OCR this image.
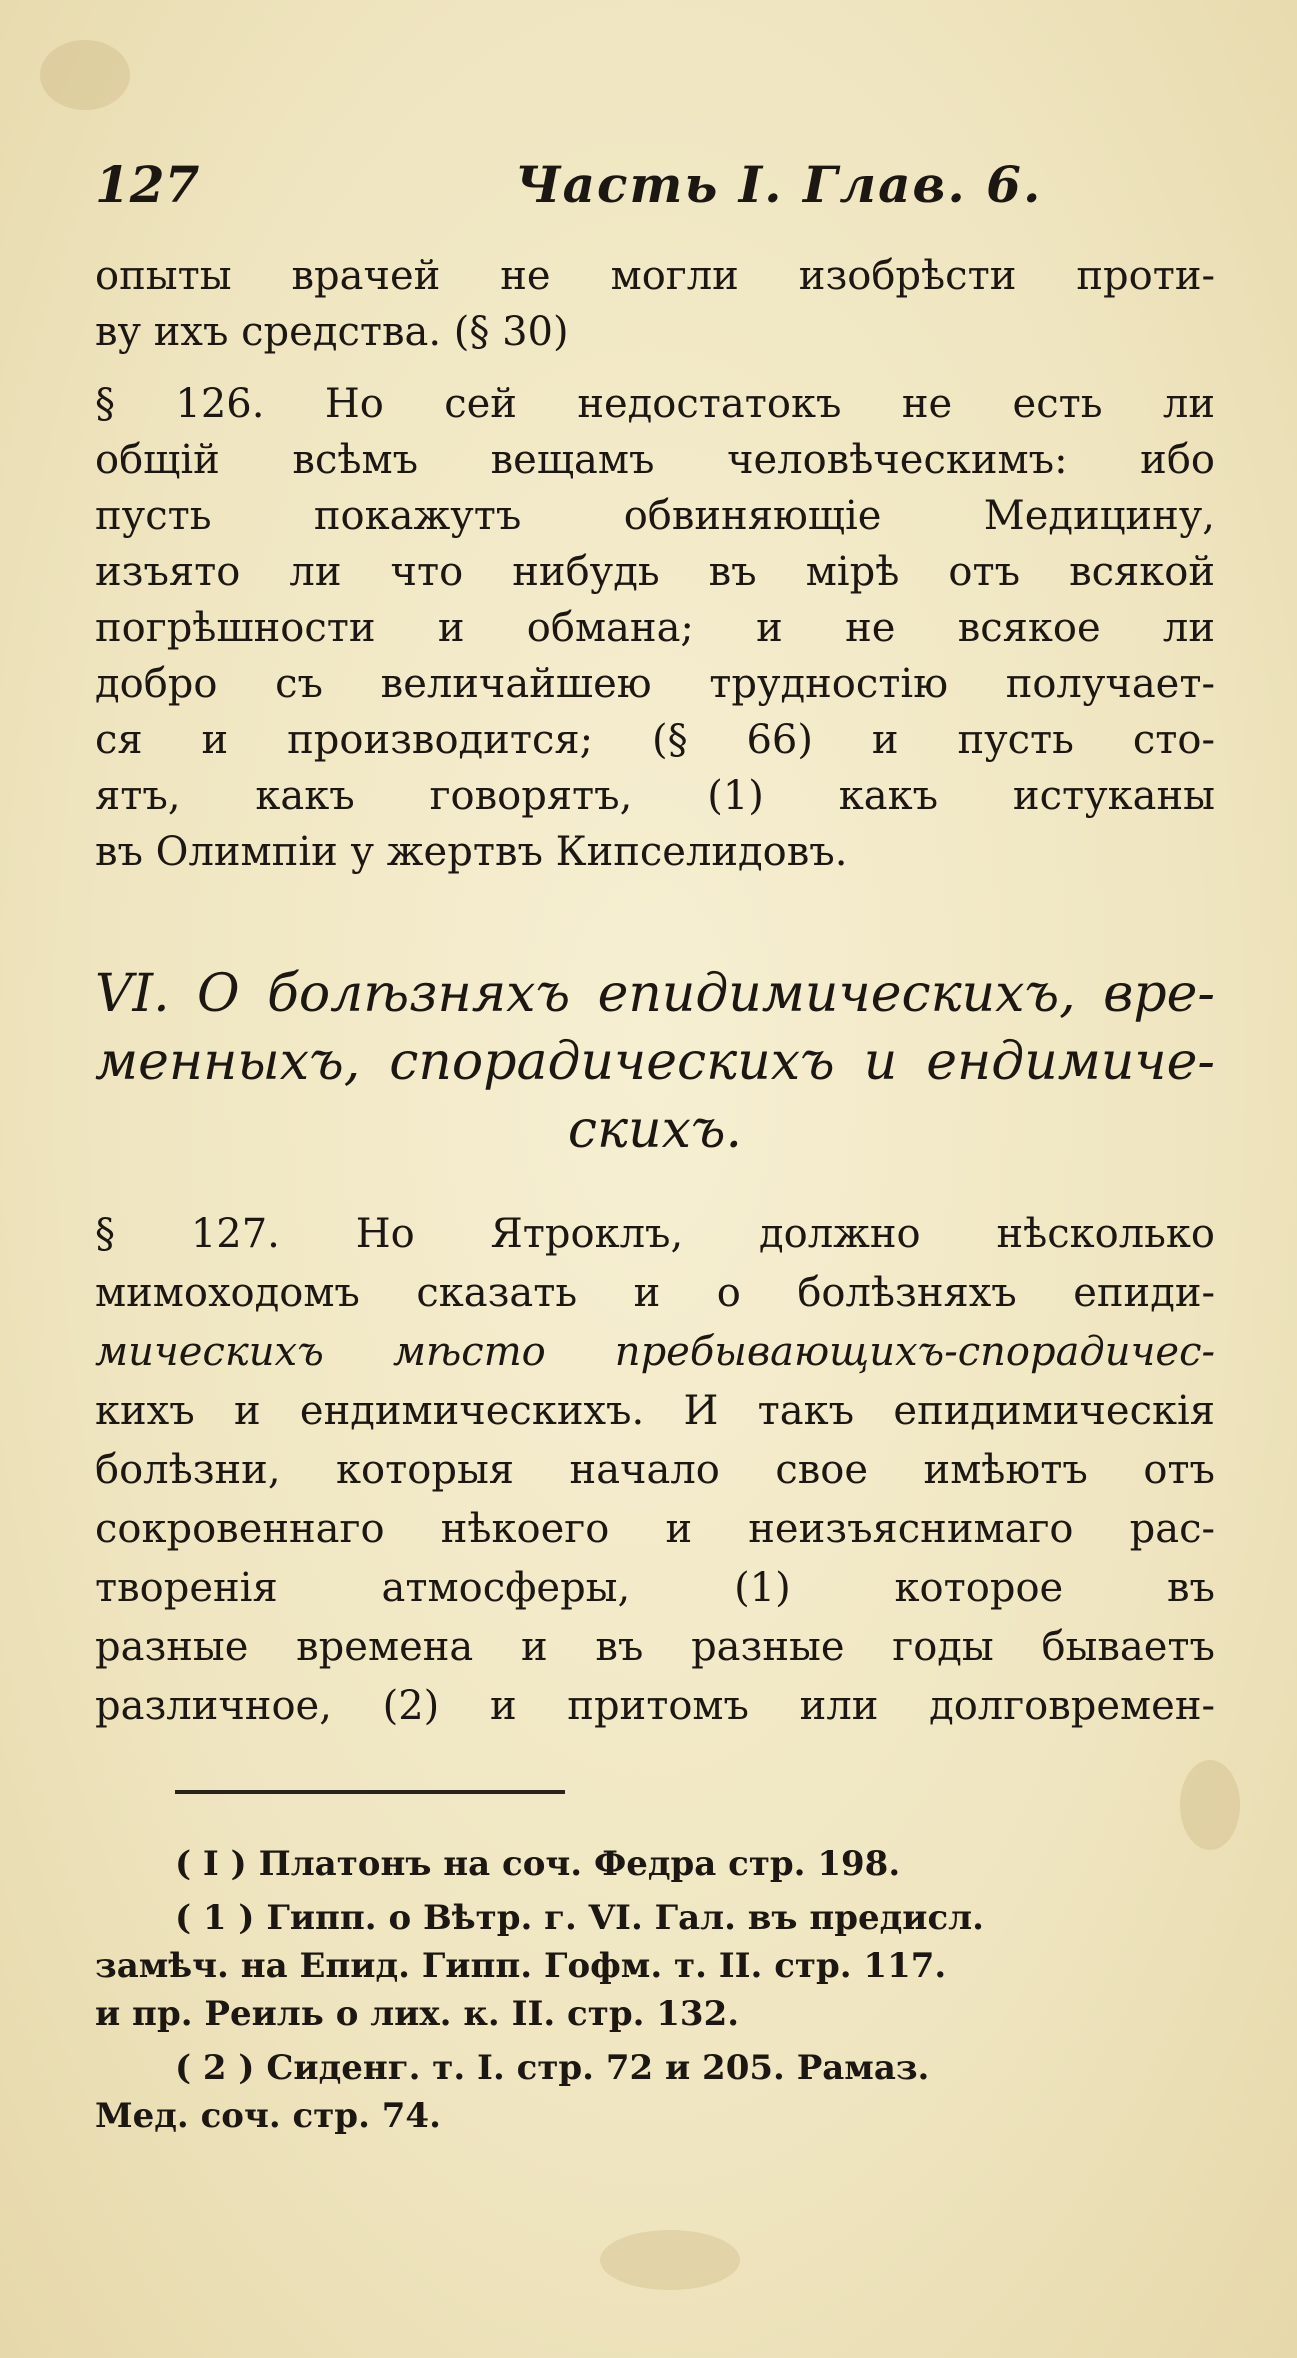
127	Часть I. Глав. 6.
опыты врачей не могли изобрѣсти проти-
ву ихъ средства. (§ 30)
§ 126. Но сей недостатокъ не есть ли
общій всѣмъ вещамъ человѣческимъ: ибо
пусть покажутъ обвиняющіе Медицину,
изъято ли что нибудь въ мірѣ отъ всякой
погрѣшности и обмана; и не всякое ли
добро съ величайшею трудностію получает-
ся и производится; (§ 66) и пусть сто-
ятъ, какъ говорятъ, (1) какъ истуканы
въ Олимпіи у жертвъ Кипселидовъ.
VI. О болѣзняхъ епидимическихъ, вре-
менныхъ, спорадическихъ и ендимиче-
скихъ.
§ 127. Но Ятроклъ, должно нѣсколько
мимоходомъ сказать и о болѣзняхъ епиди-
мическихъ мѣсто пребывающихъ-спорадичес-
кихъ и ендимическихъ. И такъ епидимическія
болѣзни, которыя начало свое имѣютъ отъ
сокровеннаго нѣкоего и неизъяснимаго рас-
творенія атмосферы, (1) которое въ
разные времена и въ разные годы бываетъ
различное, (2) и притомъ или долговремен-
( I ) Платонъ на соч. Федра стр. 198.
( 1 ) Гипп. о Вѣтр. г. VI. Гал. въ предисл.
замѣч. на Епид. Гипп. Гофм. т. II. стр. 117.
и пр. Реиль о лих. к. II. стр. 132.
( 2 ) Сиденг. т. I. стр. 72 и 205. Рамаз.
Мед. соч. стр. 74.
